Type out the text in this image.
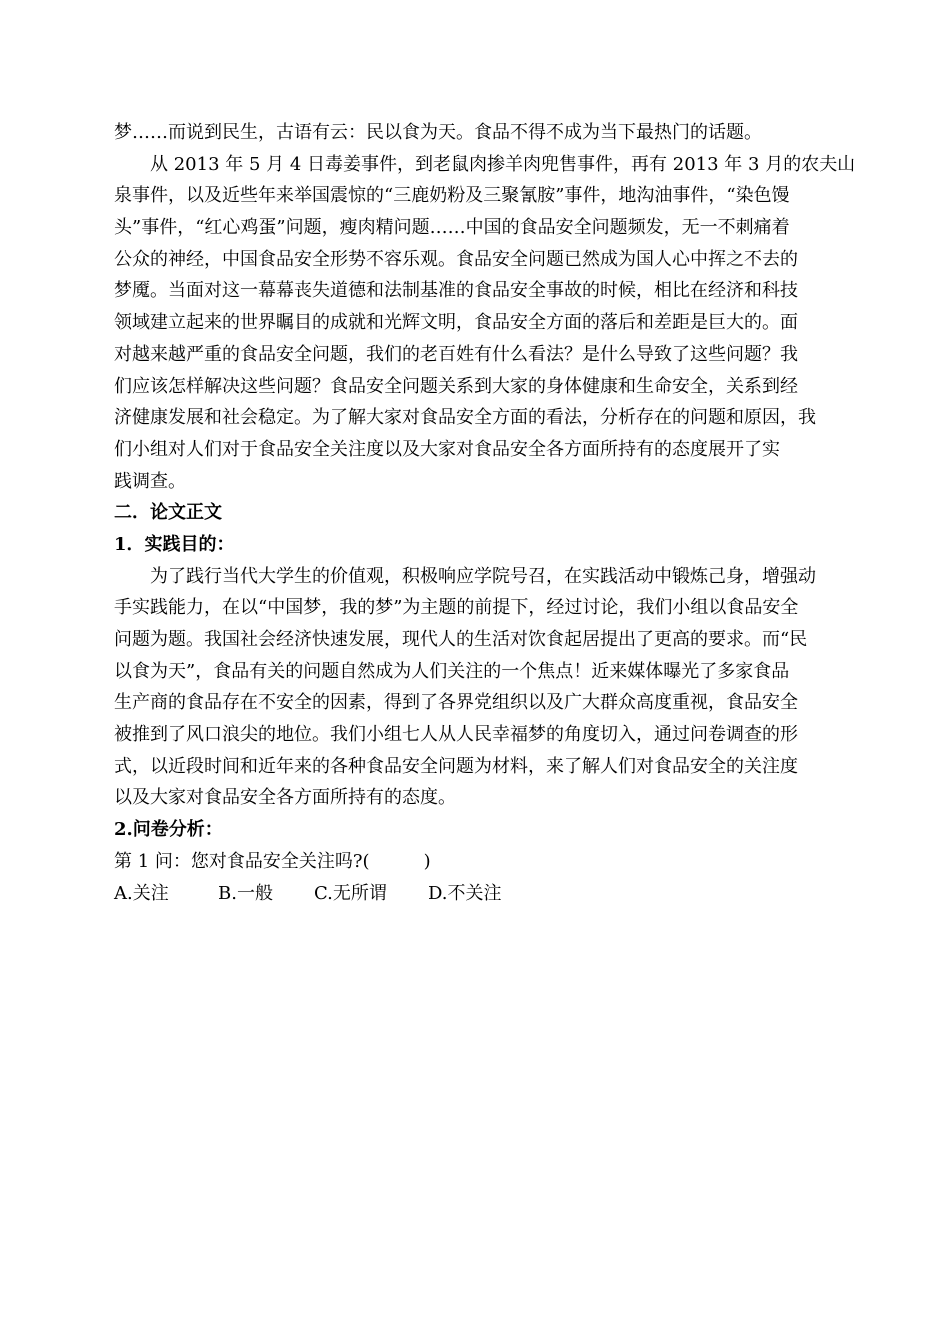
梦……而说到民生，古语有云：民以食为天。食品不得不成为当下最热门的话题。
从 2013 年 5 月 4 日毒姜事件，到老鼠肉掺羊肉兜售事件，再有 2013 年 3 月的农夫山
泉事件，以及近些年来举国震惊的“三鹿奶粉及三聚氰胺”事件，地沟油事件，“染色馒
头”事件，“红心鸡蛋”问题，瘦肉精问题……中国的食品安全问题频发，无一不刺痛着
公众的神经，中国食品安全形势不容乐观。食品安全问题已然成为国人心中挥之不去的
梦魇。当面对这一幕幕丧失道德和法制基准的食品安全事故的时候，相比在经济和科技
领域建立起来的世界瞩目的成就和光辉文明，食品安全方面的落后和差距是巨大的。面
对越来越严重的食品安全问题，我们的老百姓有什么看法？是什么导致了这些问题？我
们应该怎样解决这些问题？食品安全问题关系到大家的身体健康和生命安全，关系到经
济健康发展和社会稳定。为了解大家对食品安全方面的看法，分析存在的问题和原因，我
们小组对人们对于食品安全关注度以及大家对食品安全各方面所持有的态度展开了实
践调查。
二．论文正文
1．实践目的：
为了践行当代大学生的价值观，积极响应学院号召，在实践活动中锻炼己身，增强动
手实践能力，在以“中国梦，我的梦”为主题的前提下，经过讨论，我们小组以食品安全
问题为题。我国社会经济快速发展，现代人的生活对饮食起居提出了更高的要求。而“民
以食为天”，食品有关的问题自然成为人们关注的一个焦点！近来媒体曝光了多家食品
生产商的食品存在不安全的因素，得到了各界党组织以及广大群众高度重视，食品安全
被推到了风口浪尖的地位。我们小组七人从人民幸福梦的角度切入，通过问卷调查的形
式，以近段时间和近年来的各种食品安全问题为材料，来了解人们对食品安全的关注度
以及大家对食品安全各方面所持有的态度。
2.问卷分析：
第 1 问：您对食品安全关注吗?(　　　)
A.关注	B.一般	C.无所谓	D.不关注
